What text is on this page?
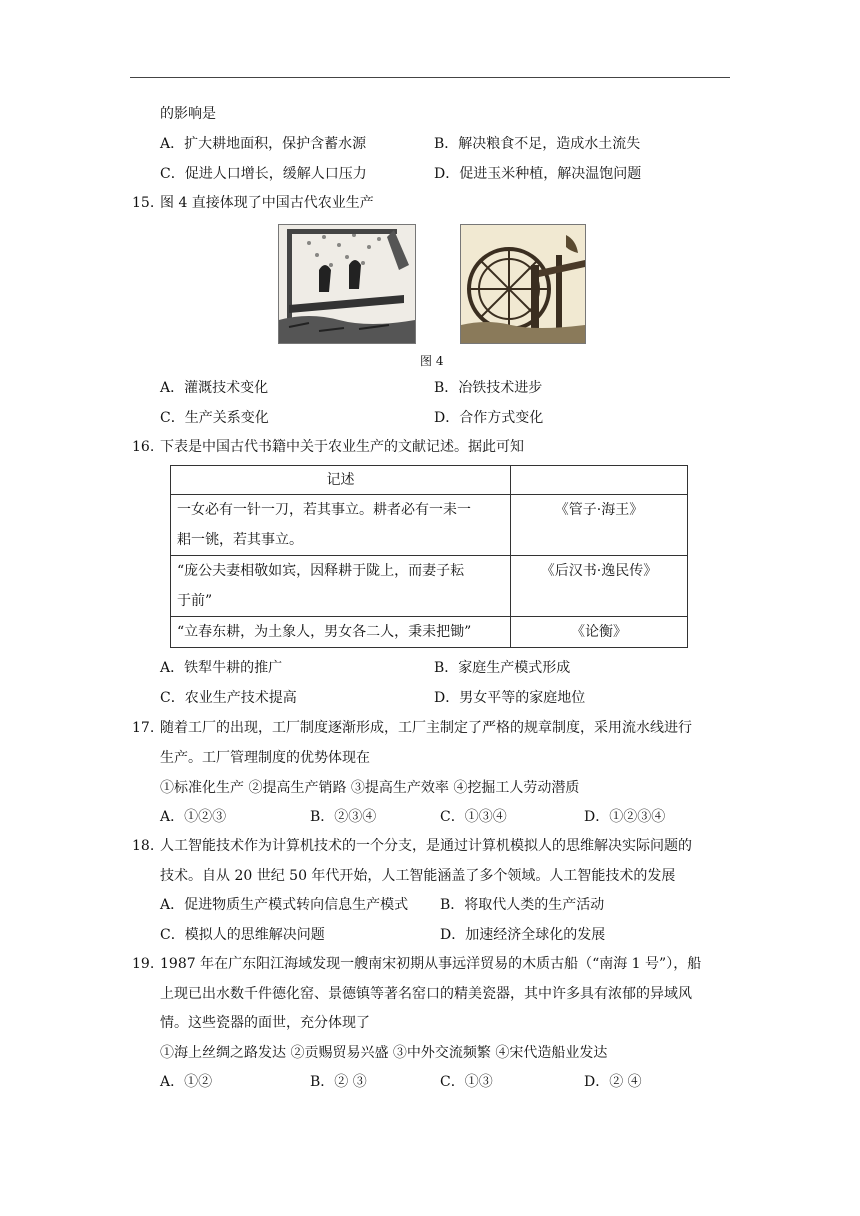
的影响是
A．扩大耕地面积，保护含蓄水源	B．解决粮食不足，造成水土流失
C．促进人口增长，缓解人口压力	D．促进玉米种植，解决温饱问题
15. 图 4 直接体现了中国古代农业生产
图 4
A．灌溉技术变化	B．冶铁技术进步
C．生产关系变化	D．合作方式变化
16. 下表是中国古代书籍中关于农业生产的文献记述。据此可知
记述	

一女必有一针一刀，若其事立。耕者必有一耒一
耜一铫，若其事立。	《管子·海王》

“庞公夫妻相敬如宾，因释耕于陇上，而妻子耘
于前”	《后汉书·逸民传》

“立春东耕，为土象人，男女各二人，秉耒把锄”	《论衡》
A．铁犁牛耕的推广	B．家庭生产模式形成
C．农业生产技术提高	D．男女平等的家庭地位
17. 随着工厂的出现，工厂制度逐渐形成，工厂主制定了严格的规章制度，采用流水线进行
生产。工厂管理制度的优势体现在
①标准化生产 ②提高生产销路 ③提高生产效率 ④挖掘工人劳动潜质
A．①②③	B．②③④	C．①③④	D．①②③④
18. 人工智能技术作为计算机技术的一个分支，是通过计算机模拟人的思维解决实际问题的
技术。自从 20 世纪 50 年代开始，人工智能涵盖了多个领域。人工智能技术的发展
A．促进物质生产模式转向信息生产模式 B．将取代人类的生产活动
C．模拟人的思维解决问题	D．加速经济全球化的发展
19. 1987 年在广东阳江海域发现一艘南宋初期从事远洋贸易的木质古船（“南海 1 号”），船
上现已出水数千件德化窑、景德镇等著名窑口的精美瓷器，其中许多具有浓郁的异域风
情。这些瓷器的面世，充分体现了
①海上丝绸之路发达 ②贡赐贸易兴盛 ③中外交流频繁 ④宋代造船业发达
A．①②	B．② ③	C．①③	D．② ④
